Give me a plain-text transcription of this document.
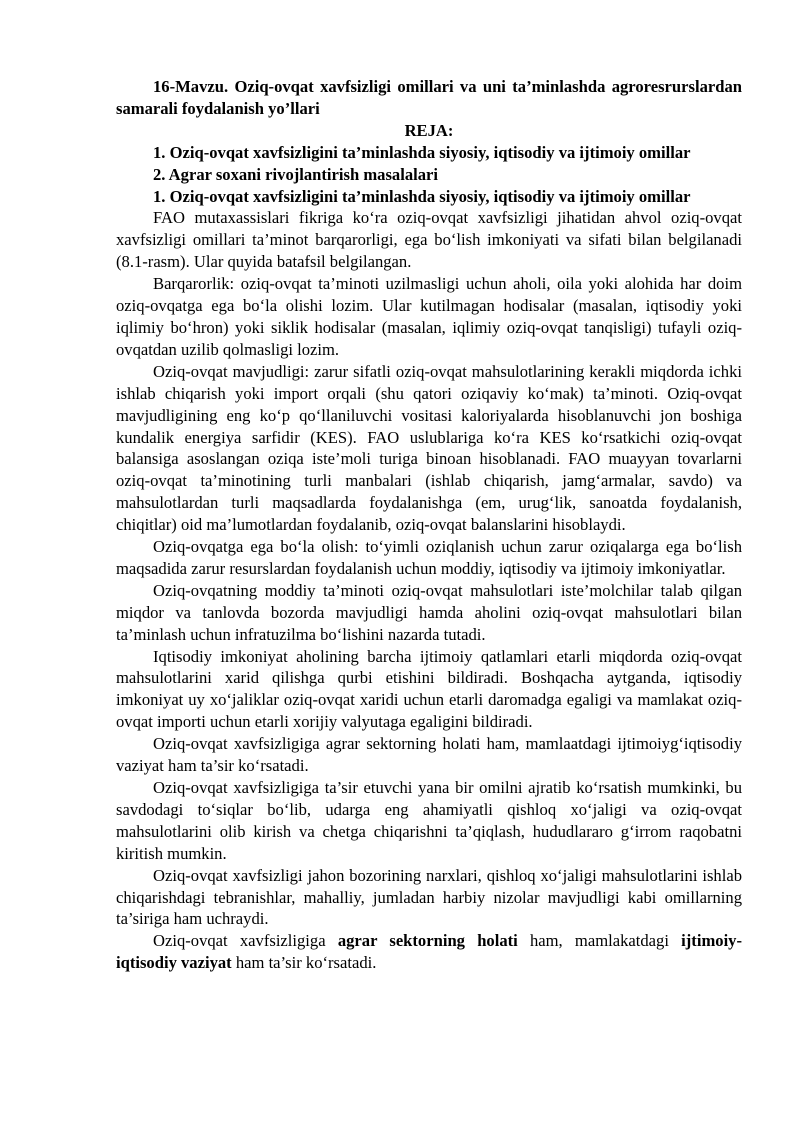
16-Mavzu. Oziq-ovqat xavfsizligi omillari va uni ta’minlashda agroresrurslardan samarali foydalanish yo’llari

REJA:

1. Oziq-ovqat xavfsizligini ta’minlashda siyosiy, iqtisodiy va ijtimoiy omillar

2. Agrar soxani rivojlantirish masalalari

1. Oziq-ovqat xavfsizligini ta’minlashda siyosiy, iqtisodiy va ijtimoiy omillar

FAO mutaxassislari fikriga ko‘ra oziq-ovqat xavfsizligi jihatidan ahvol oziq-ovqat xavfsizligi omillari ta’minot barqarorligi, ega bo‘lish imkoniyati va sifati bilan belgilanadi (8.1-rasm). Ular quyida batafsil belgilangan.

Barqarorlik: oziq-ovqat ta’minoti uzilmasligi uchun aholi, oila yoki alohida har doim oziq-ovqatga ega bo‘la olishi lozim. Ular kutilmagan hodisalar (masalan, iqtisodiy yoki iqlimiy bo‘hron) yoki siklik hodisalar (masalan, iqlimiy oziq-ovqat tanqisligi) tufayli oziq-ovqatdan uzilib qolmasligi lozim.

Oziq-ovqat mavjudligi: zarur sifatli oziq-ovqat mahsulotlarining kerakli miqdorda ichki ishlab chiqarish yoki import orqali (shu qatori oziqaviy ko‘mak) ta’minoti. Oziq-ovqat mavjudligining eng ko‘p qo‘llaniluvchi vositasi kaloriyalarda hisoblanuvchi jon boshiga kundalik energiya sarfidir (KES). FAO uslublariga ko‘ra KES ko‘rsatkichi oziq-ovqat balansiga asoslangan oziqa iste’moli turiga binoan hisoblanadi. FAO muayyan tovarlarni oziq-ovqat ta’minotining turli manbalari (ishlab chiqarish, jamg‘armalar, savdo) va mahsulotlardan turli maqsadlarda foydalanishga (em, urug‘lik, sanoatda foydalanish, chiqitlar) oid ma’lumotlardan foydalanib, oziq-ovqat balanslarini hisoblaydi.

Oziq-ovqatga ega bo‘la olish: to‘yimli oziqlanish uchun zarur oziqalarga ega bo‘lish maqsadida zarur resurslardan foydalanish uchun moddiy, iqtisodiy va ijtimoiy imkoniyatlar.

Oziq-ovqatning moddiy ta’minoti oziq-ovqat mahsulotlari iste’molchilar talab qilgan miqdor va tanlovda bozorda mavjudligi hamda aholini oziq-ovqat mahsulotlari bilan ta’minlash uchun infratuzilma bo‘lishini nazarda tutadi.

Iqtisodiy imkoniyat aholining barcha ijtimoiy qatlamlari etarli miqdorda oziq-ovqat mahsulotlarini xarid qilishga qurbi etishini bildiradi. Boshqacha aytganda, iqtisodiy imkoniyat uy xo‘jaliklar oziq-ovqat xaridi uchun etarli daromadga egaligi va mamlakat oziq-ovqat importi uchun etarli xorijiy valyutaga egaligini bildiradi.

Oziq-ovqat xavfsizligiga agrar sektorning holati ham, mamlaatdagi ijtimoiyg‘iqtisodiy vaziyat ham ta’sir ko‘rsatadi.

Oziq-ovqat xavfsizligiga ta’sir etuvchi yana bir omilni ajratib ko‘rsatish mumkinki, bu savdodagi to‘siqlar bo‘lib, udarga eng ahamiyatli qishloq xo‘jaligi va oziq-ovqat mahsulotlarini olib kirish va chetga chiqarishni ta’qiqlash, hududlararo g‘irrom raqobatni kiritish mumkin.

Oziq-ovqat xavfsizligi jahon bozorining narxlari, qishloq xo‘jaligi mahsulotlarini ishlab chiqarishdagi tebranishlar, mahalliy, jumladan harbiy nizolar mavjudligi kabi omillarning ta’siriga ham uchraydi.

Oziq-ovqat xavfsizligiga agrar sektorning holati ham, mamlakatdagi ijtimoiy-iqtisodiy vaziyat ham ta’sir ko‘rsatadi.
